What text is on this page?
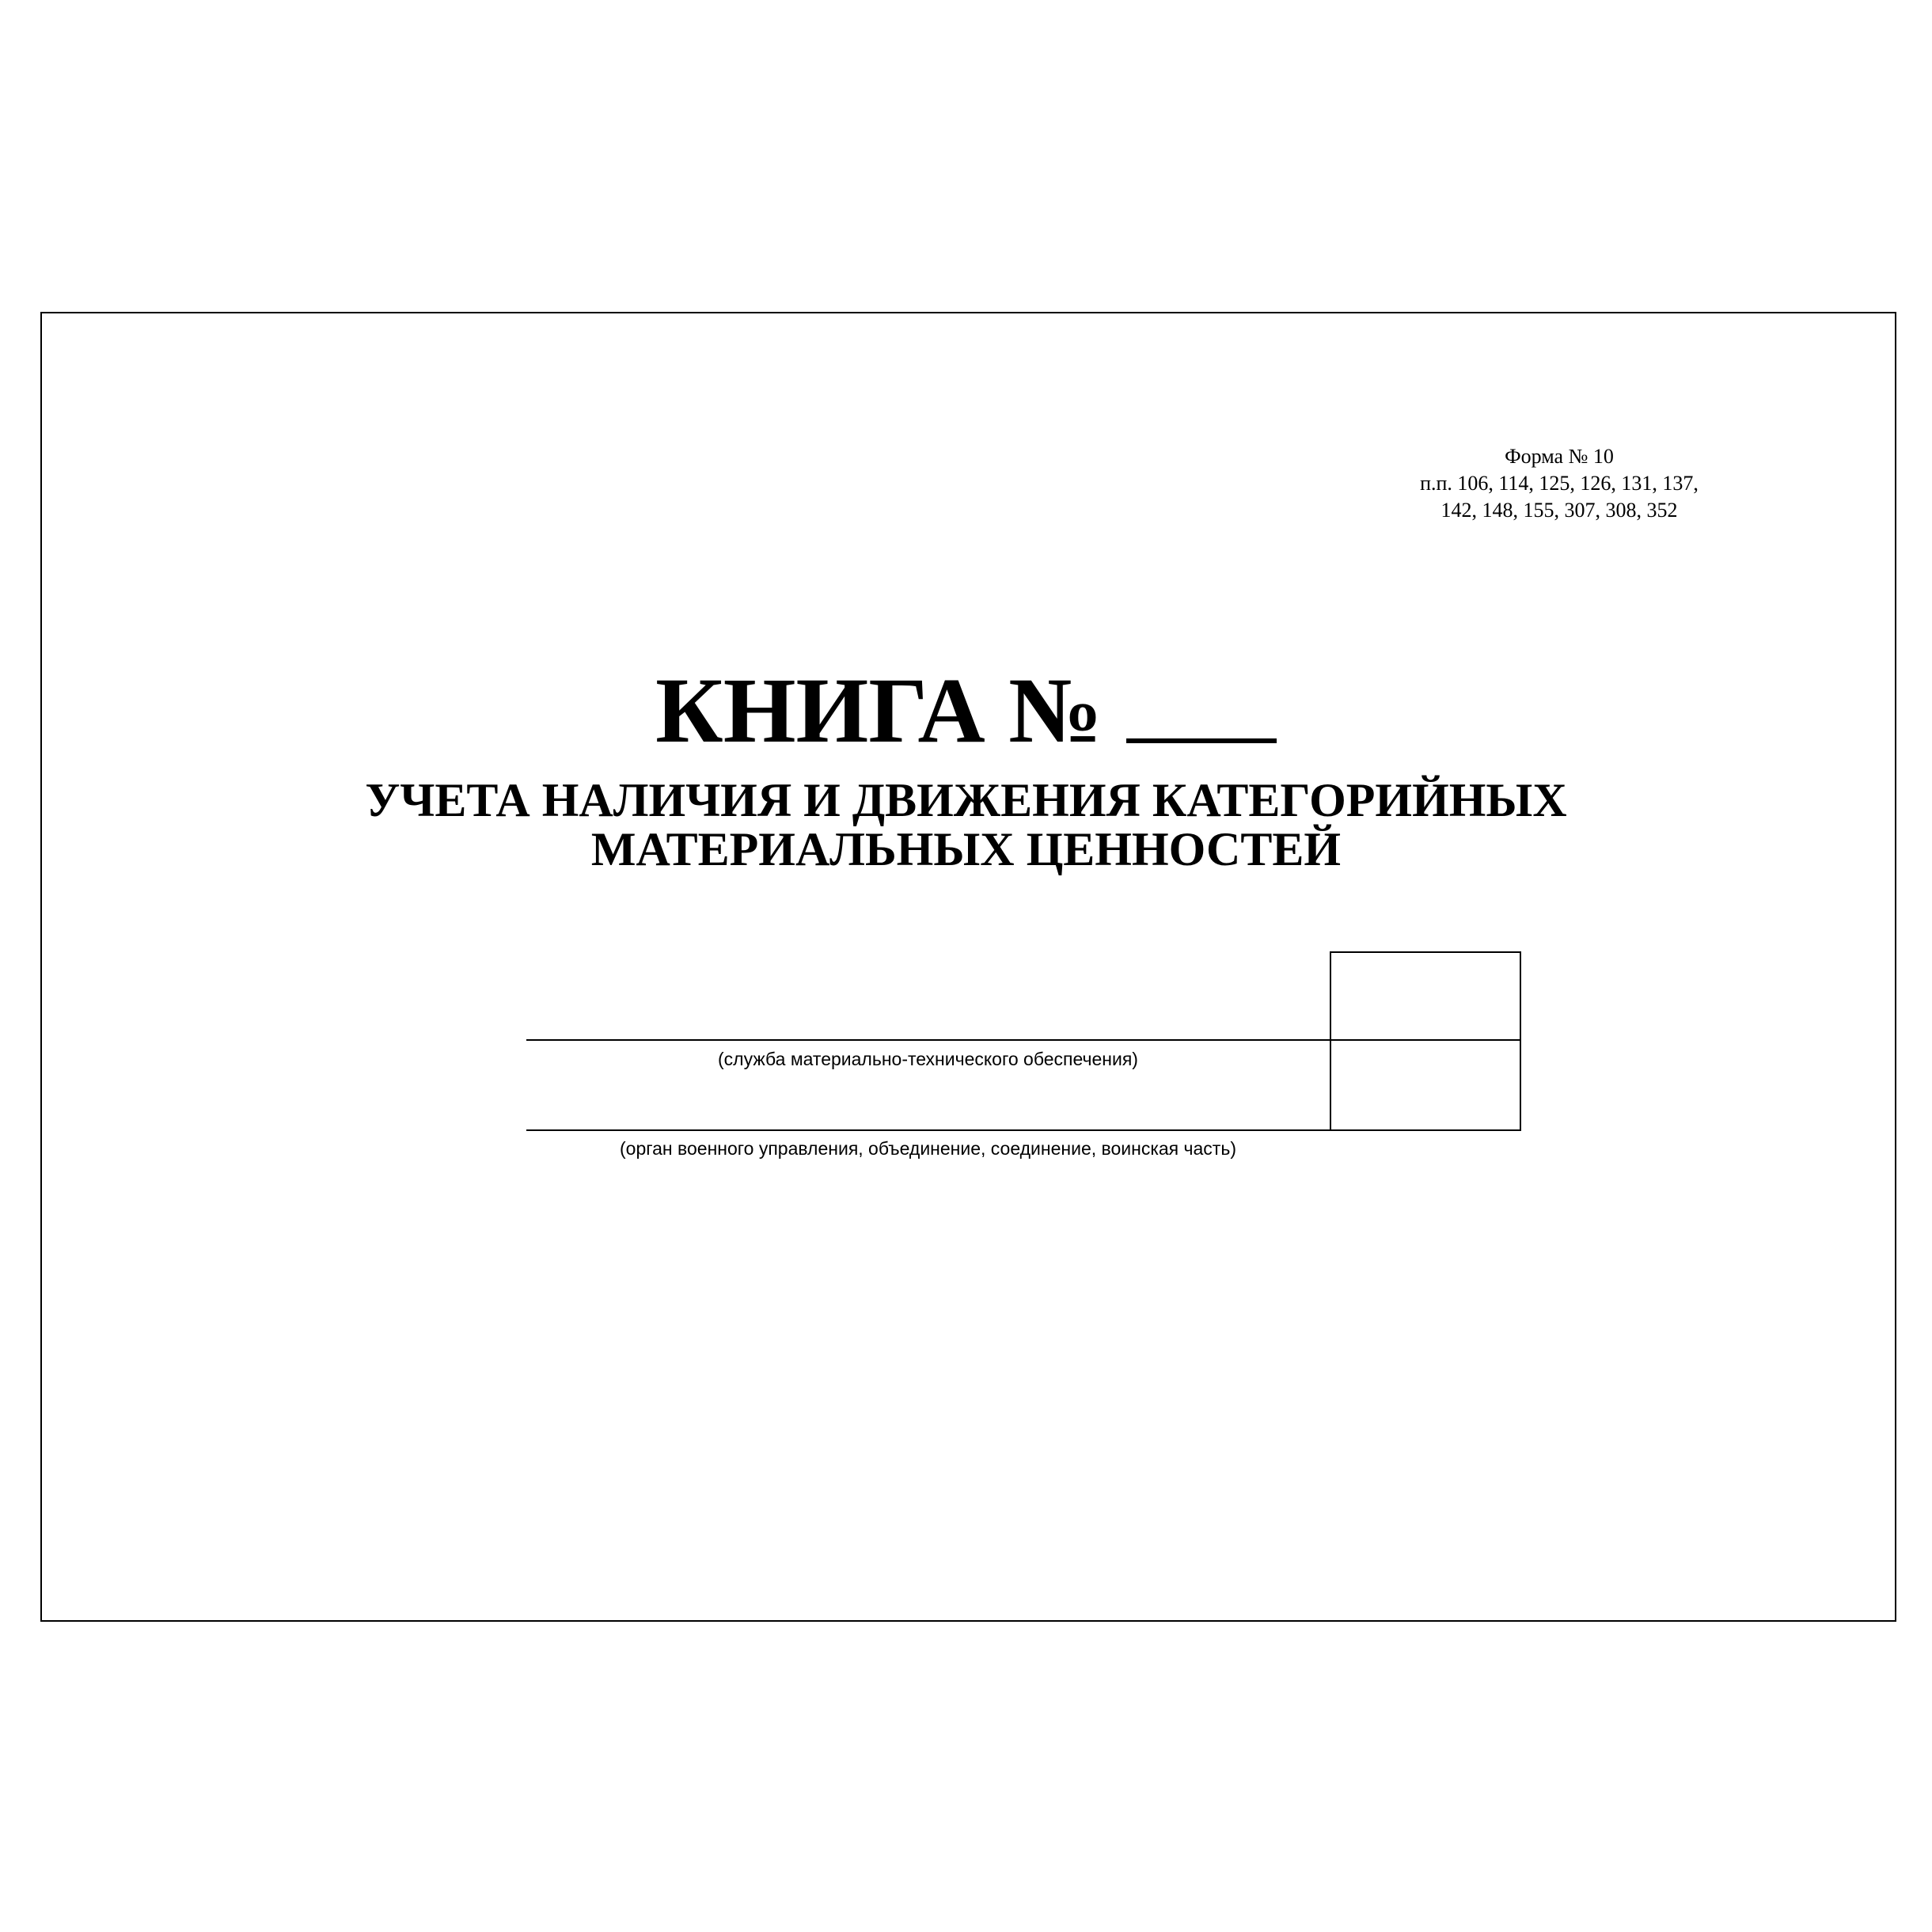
Форма № 10
п.п. 106, 114, 125, 126, 131, 137,
142, 148, 155, 307, 308, 352
КНИГА №
УЧЕТА НАЛИЧИЯ И ДВИЖЕНИЯ КАТЕГОРИЙНЫХ
МАТЕРИАЛЬНЫХ ЦЕННОСТЕЙ
(служба материально-технического обеспечения)
(орган военного управления, объединение, соединение, воинская часть)
